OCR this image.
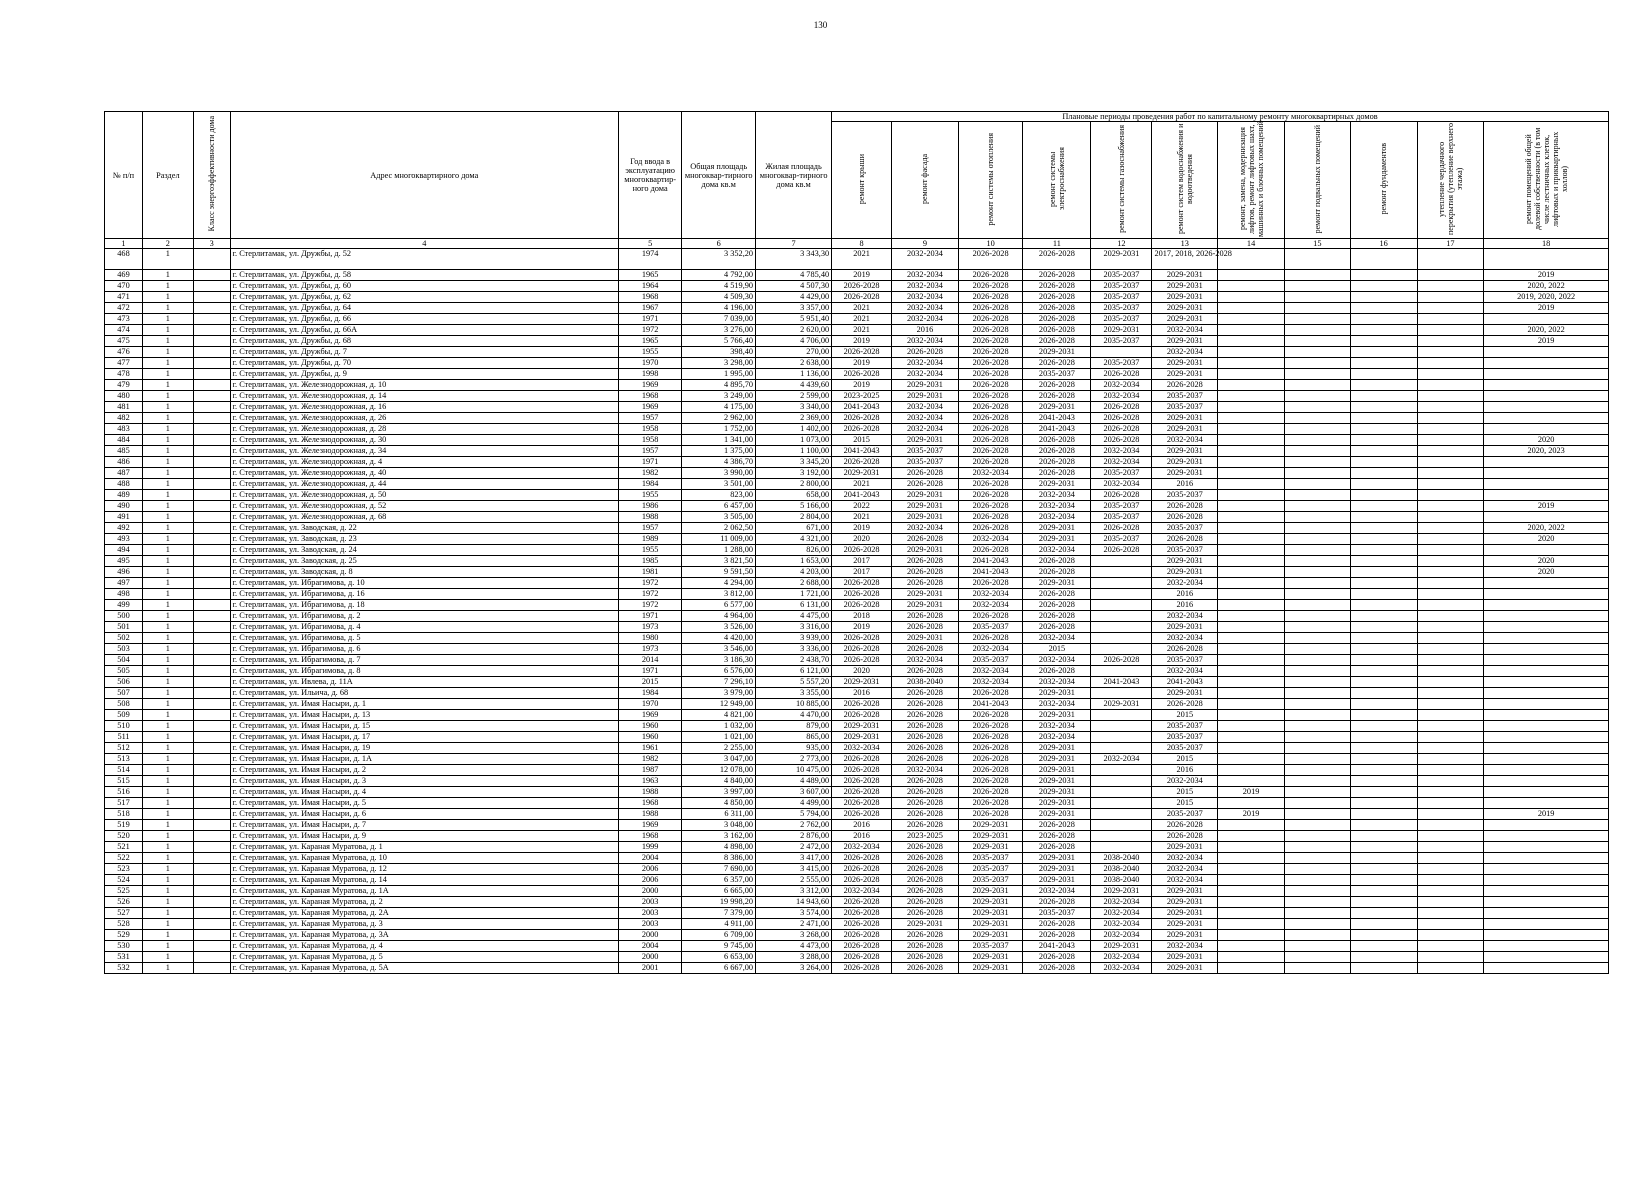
130
№ п/п	Раздел	Класс энергоэффективности дома	Адрес многоквартирного дома	Год ввода в эксплуатацию многоквартир-ного дома	Общая площадь многоквар-тирного дома кв.м	Жилая площадь многоквар-тирного дома кв.м	Плановые периоды проведения работ по капитальному ремонту многоквартирных домов										
							ремонт крыши	ремонт фасада	ремонт системы отопления	ремонт системы электроснабжения	ремонт системы газоснабжения	ремонт систем водоснабжения и водоотведения	ремонт, замена, модернизация лифтов, ремонт лифтовых шахт, машинных и блочных помещений	ремонт подвальных помещений	ремонт фундаментов	утепление чердачного перекрытия (утепление верхнего этажа)	ремонт помещений общей долевой собственности (в том числе лестничных клеток, лифтовых и приквартирных холлов)
1	2	3	4	5	6	7	8	9	10	11	12	13	14	15	16	17	18
468	1		г. Стерлитамак, ул. Дружбы, д. 52	1974	3 352,20	3 343,30	2021	2032-2034	2026-2028	2026-2028	2029-2031	2017, 2018, 2026-2028					
469	1		г. Стерлитамак, ул. Дружбы, д. 58	1965	4 792,00	4 785,40	2019	2032-2034	2026-2028	2026-2028	2035-2037	2029-2031					2019
470	1		г. Стерлитамак, ул. Дружбы, д. 60	1964	4 519,90	4 507,30	2026-2028	2032-2034	2026-2028	2026-2028	2035-2037	2029-2031					2020, 2022
471	1		г. Стерлитамак, ул. Дружбы, д. 62	1968	4 509,30	4 429,00	2026-2028	2032-2034	2026-2028	2026-2028	2035-2037	2029-2031					2019, 2020, 2022
472	1		г. Стерлитамак, ул. Дружбы, д. 64	1967	4 196,00	3 357,00	2021	2032-2034	2026-2028	2026-2028	2035-2037	2029-2031					2019
473	1		г. Стерлитамак, ул. Дружбы, д. 66	1971	7 039,00	5 951,40	2021	2032-2034	2026-2028	2026-2028	2035-2037	2029-2031					
474	1		г. Стерлитамак, ул. Дружбы, д. 66А	1972	3 276,00	2 620,00	2021	2016	2026-2028	2026-2028	2029-2031	2032-2034					2020, 2022
475	1		г. Стерлитамак, ул. Дружбы, д. 68	1965	5 766,40	4 706,00	2019	2032-2034	2026-2028	2026-2028	2035-2037	2029-2031					2019
476	1		г. Стерлитамак, ул. Дружбы, д. 7	1955	398,40	270,00	2026-2028	2026-2028	2026-2028	2029-2031		2032-2034					
477	1		г. Стерлитамак, ул. Дружбы, д. 70	1970	3 298,00	2 638,00	2019	2032-2034	2026-2028	2026-2028	2035-2037	2029-2031					
478	1		г. Стерлитамак, ул. Дружбы, д. 9	1998	1 995,00	1 136,00	2026-2028	2032-2034	2026-2028	2035-2037	2026-2028	2029-2031					
479	1		г. Стерлитамак, ул. Железнодорожная, д. 10	1969	4 895,70	4 439,60	2019	2029-2031	2026-2028	2026-2028	2032-2034	2026-2028					
480	1		г. Стерлитамак, ул. Железнодорожная, д. 14	1968	3 249,00	2 599,00	2023-2025	2029-2031	2026-2028	2026-2028	2032-2034	2035-2037					
481	1		г. Стерлитамак, ул. Железнодорожная, д. 16	1969	4 175,00	3 340,00	2041-2043	2032-2034	2026-2028	2029-2031	2026-2028	2035-2037					
482	1		г. Стерлитамак, ул. Железнодорожная, д. 26	1957	2 962,00	2 369,00	2026-2028	2032-2034	2026-2028	2041-2043	2026-2028	2029-2031					
483	1		г. Стерлитамак, ул. Железнодорожная, д. 28	1958	1 752,00	1 402,00	2026-2028	2032-2034	2026-2028	2041-2043	2026-2028	2029-2031					
484	1		г. Стерлитамак, ул. Железнодорожная, д. 30	1958	1 341,00	1 073,00	2015	2029-2031	2026-2028	2026-2028	2026-2028	2032-2034					2020
485	1		г. Стерлитамак, ул. Железнодорожная, д. 34	1957	1 375,00	1 100,00	2041-2043	2035-2037	2026-2028	2026-2028	2032-2034	2029-2031					2020, 2023
486	1		г. Стерлитамак, ул. Железнодорожная, д. 4	1971	4 386,70	3 345,20	2026-2028	2035-2037	2026-2028	2026-2028	2032-2034	2029-2031					
487	1		г. Стерлитамак, ул. Железнодорожная, д. 40	1982	3 990,00	3 192,00	2029-2031	2026-2028	2032-2034	2026-2028	2035-2037	2029-2031					
488	1		г. Стерлитамак, ул. Железнодорожная, д. 44	1984	3 501,00	2 800,00	2021	2026-2028	2026-2028	2029-2031	2032-2034	2016					
489	1		г. Стерлитамак, ул. Железнодорожная, д. 50	1955	823,00	658,00	2041-2043	2029-2031	2026-2028	2032-2034	2026-2028	2035-2037					
490	1		г. Стерлитамак, ул. Железнодорожная, д. 52	1986	6 457,00	5 166,00	2022	2029-2031	2026-2028	2032-2034	2035-2037	2026-2028					2019
491	1		г. Стерлитамак, ул. Железнодорожная, д. 68	1988	3 505,00	2 804,00	2021	2029-2031	2026-2028	2032-2034	2035-2037	2026-2028					
492	1		г. Стерлитамак, ул. Заводская, д. 22	1957	2 062,50	671,00	2019	2032-2034	2026-2028	2029-2031	2026-2028	2035-2037					2020, 2022
493	1		г. Стерлитамак, ул. Заводская, д. 23	1989	11 009,00	4 321,00	2020	2026-2028	2032-2034	2029-2031	2035-2037	2026-2028					2020
494	1		г. Стерлитамак, ул. Заводская, д. 24	1955	1 288,00	826,00	2026-2028	2029-2031	2026-2028	2032-2034	2026-2028	2035-2037					
495	1		г. Стерлитамак, ул. Заводская, д. 25	1985	3 821,50	1 653,00	2017	2026-2028	2041-2043	2026-2028		2029-2031					2020
496	1		г. Стерлитамак, ул. Заводская, д. 8	1981	9 591,50	4 203,00	2017	2026-2028	2041-2043	2026-2028		2029-2031					2020
497	1		г. Стерлитамак, ул. Ибрагимова, д. 10	1972	4 294,00	2 688,00	2026-2028	2026-2028	2026-2028	2029-2031		2032-2034					
498	1		г. Стерлитамак, ул. Ибрагимова, д. 16	1972	3 812,00	1 721,00	2026-2028	2029-2031	2032-2034	2026-2028		2016					
499	1		г. Стерлитамак, ул. Ибрагимова, д. 18	1972	6 577,00	6 131,00	2026-2028	2029-2031	2032-2034	2026-2028		2016					
500	1		г. Стерлитамак, ул. Ибрагимова, д. 2	1971	4 964,00	4 475,00	2018	2026-2028	2026-2028	2026-2028		2032-2034					
501	1		г. Стерлитамак, ул. Ибрагимова, д. 4	1973	3 526,00	3 316,00	2019	2026-2028	2035-2037	2026-2028		2029-2031					
502	1		г. Стерлитамак, ул. Ибрагимова, д. 5	1980	4 420,00	3 939,00	2026-2028	2029-2031	2026-2028	2032-2034		2032-2034					
503	1		г. Стерлитамак, ул. Ибрагимова, д. 6	1973	3 546,00	3 336,00	2026-2028	2026-2028	2032-2034	2015		2026-2028					
504	1		г. Стерлитамак, ул. Ибрагимова, д. 7	2014	3 186,30	2 438,70	2026-2028	2032-2034	2035-2037	2032-2034	2026-2028	2035-2037					
505	1		г. Стерлитамак, ул. Ибрагимова, д. 8	1971	6 576,00	6 121,00	2020	2026-2028	2032-2034	2026-2028		2032-2034					
506	1		г. Стерлитамак, ул. Ивлева, д. 11А	2015	7 296,10	5 557,20	2029-2031	2038-2040	2032-2034	2032-2034	2041-2043	2041-2043					
507	1		г. Стерлитамак, ул. Ильича, д. 68	1984	3 979,00	3 355,00	2016	2026-2028	2026-2028	2029-2031		2029-2031					
508	1		г. Стерлитамак, ул. Имая Насыри, д. 1	1970	12 949,00	10 885,00	2026-2028	2026-2028	2041-2043	2032-2034	2029-2031	2026-2028					
509	1		г. Стерлитамак, ул. Имая Насыри, д. 13	1969	4 821,00	4 470,00	2026-2028	2026-2028	2026-2028	2029-2031		2015					
510	1		г. Стерлитамак, ул. Имая Насыри, д. 15	1960	1 032,00	879,00	2029-2031	2026-2028	2026-2028	2032-2034		2035-2037					
511	1		г. Стерлитамак, ул. Имая Насыри, д. 17	1960	1 021,00	865,00	2029-2031	2026-2028	2026-2028	2032-2034		2035-2037					
512	1		г. Стерлитамак, ул. Имая Насыри, д. 19	1961	2 255,00	935,00	2032-2034	2026-2028	2026-2028	2029-2031		2035-2037					
513	1		г. Стерлитамак, ул. Имая Насыри, д. 1А	1982	3 047,00	2 773,00	2026-2028	2026-2028	2026-2028	2029-2031	2032-2034	2015					
514	1		г. Стерлитамак, ул. Имая Насыри, д. 2	1987	12 078,00	10 475,00	2026-2028	2032-2034	2026-2028	2029-2031		2016					
515	1		г. Стерлитамак, ул. Имая Насыри, д. 3	1963	4 840,00	4 489,00	2026-2028	2026-2028	2026-2028	2029-2031		2032-2034					
516	1		г. Стерлитамак, ул. Имая Насыри, д. 4	1988	3 997,00	3 607,00	2026-2028	2026-2028	2026-2028	2029-2031		2015	2019				
517	1		г. Стерлитамак, ул. Имая Насыри, д. 5	1968	4 850,00	4 499,00	2026-2028	2026-2028	2026-2028	2029-2031		2015					
518	1		г. Стерлитамак, ул. Имая Насыри, д. 6	1988	6 311,00	5 794,00	2026-2028	2026-2028	2026-2028	2029-2031		2035-2037	2019				2019
519	1		г. Стерлитамак, ул. Имая Насыри, д. 7	1969	3 048,00	2 762,00	2016	2026-2028	2029-2031	2026-2028		2026-2028					
520	1		г. Стерлитамак, ул. Имая Насыри, д. 9	1968	3 162,00	2 876,00	2016	2023-2025	2029-2031	2026-2028		2026-2028					
521	1		г. Стерлитамак, ул. Караная Муратова, д. 1	1999	4 898,00	2 472,00	2032-2034	2026-2028	2029-2031	2026-2028		2029-2031					
522	1		г. Стерлитамак, ул. Караная Муратова, д. 10	2004	8 386,00	3 417,00	2026-2028	2026-2028	2035-2037	2029-2031	2038-2040	2032-2034					
523	1		г. Стерлитамак, ул. Караная Муратова, д. 12	2006	7 690,00	3 415,00	2026-2028	2026-2028	2035-2037	2029-2031	2038-2040	2032-2034					
524	1		г. Стерлитамак, ул. Караная Муратова, д. 14	2006	6 357,00	2 555,00	2026-2028	2026-2028	2035-2037	2029-2031	2038-2040	2032-2034					
525	1		г. Стерлитамак, ул. Караная Муратова, д. 1А	2000	6 665,00	3 312,00	2032-2034	2026-2028	2029-2031	2032-2034	2029-2031	2029-2031					
526	1		г. Стерлитамак, ул. Караная Муратова, д. 2	2003	19 998,20	14 943,60	2026-2028	2026-2028	2029-2031	2026-2028	2032-2034	2029-2031					
527	1		г. Стерлитамак, ул. Караная Муратова, д. 2А	2003	7 379,00	3 574,00	2026-2028	2026-2028	2029-2031	2035-2037	2032-2034	2029-2031					
528	1		г. Стерлитамак, ул. Караная Муратова, д. 3	2003	4 911,00	2 471,00	2026-2028	2029-2031	2029-2031	2026-2028	2032-2034	2029-2031					
529	1		г. Стерлитамак, ул. Караная Муратова, д. 3А	2000	6 709,00	3 268,00	2026-2028	2026-2028	2029-2031	2026-2028	2032-2034	2029-2031					
530	1		г. Стерлитамак, ул. Караная Муратова, д. 4	2004	9 745,00	4 473,00	2026-2028	2026-2028	2035-2037	2041-2043	2029-2031	2032-2034					
531	1		г. Стерлитамак, ул. Караная Муратова, д. 5	2000	6 653,00	3 288,00	2026-2028	2026-2028	2029-2031	2026-2028	2032-2034	2029-2031					
532	1		г. Стерлитамак, ул. Караная Муратова, д. 5А	2001	6 667,00	3 264,00	2026-2028	2026-2028	2029-2031	2026-2028	2032-2034	2029-2031					
